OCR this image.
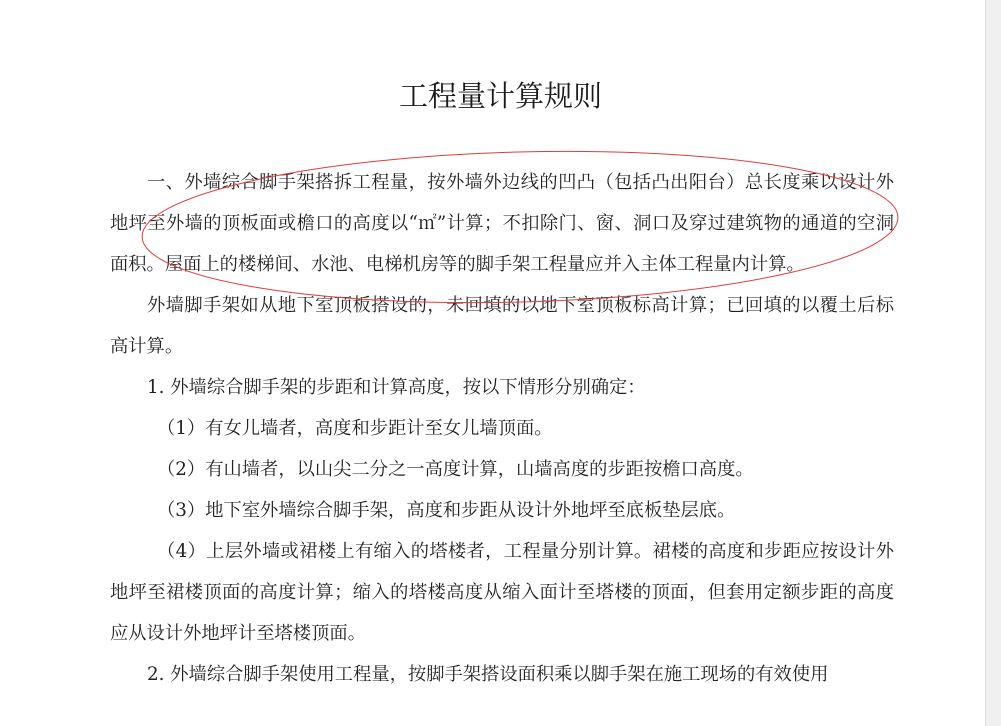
工程量计算规则

一、外墙综合脚手架搭拆工程量，按外墙外边线的凹凸（包括凸出阳台）总长度乘以设计外地坪至外墙的顶板面或檐口的高度以“㎡”计算；不扣除门、窗、洞口及穿过建筑物的通道的空洞面积。屋面上的楼梯间、水池、电梯机房等的脚手架工程量应并入主体工程量内计算。

外墙脚手架如从地下室顶板搭设的，未回填的以地下室顶板标高计算；已回填的以覆土后标高计算。

1. 外墙综合脚手架的步距和计算高度，按以下情形分别确定：

（1）有女儿墙者，高度和步距计至女儿墙顶面。

（2）有山墙者，以山尖二分之一高度计算，山墙高度的步距按檐口高度。

（3）地下室外墙综合脚手架，高度和步距从设计外地坪至底板垫层底。

（4）上层外墙或裙楼上有缩入的塔楼者，工程量分别计算。裙楼的高度和步距应按设计外地坪至裙楼顶面的高度计算；缩入的塔楼高度从缩入面计至塔楼的顶面，但套用定额步距的高度应从设计外地坪计至塔楼顶面。

2. 外墙综合脚手架使用工程量，按脚手架搭设面积乘以脚手架在施工现场的有效使用
